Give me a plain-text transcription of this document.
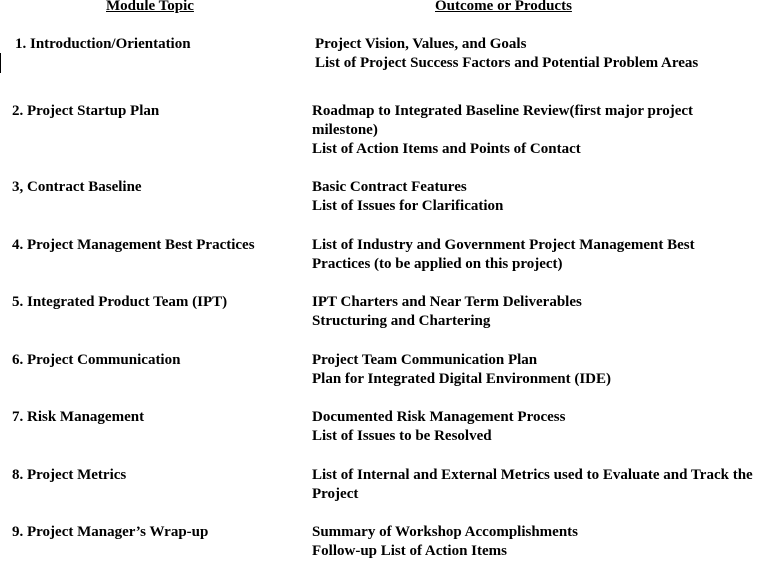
Module Topic	Outcome or Products
1. Introduction/Orientation	Project Vision, Values, and Goals
List of Project Success Factors and Potential Problem Areas
2. Project Startup Plan	Roadmap to Integrated Baseline Review(first major project milestone)
List of Action Items and Points of Contact
3, Contract Baseline	Basic Contract Features
List of Issues for Clarification
4. Project Management Best Practices	List of Industry and Government Project Management Best Practices (to be applied on this project)
5. Integrated Product Team (IPT)	IPT Charters and Near Term Deliverables
Structuring and Chartering
6. Project Communication	Project Team Communication Plan
Plan for Integrated Digital Environment (IDE)
7. Risk Management	Documented Risk Management Process
List of Issues to be Resolved
8. Project Metrics	List of Internal and External Metrics used to Evaluate and Track the Project
9. Project Manager’s Wrap-up	Summary of Workshop Accomplishments
Follow-up List of Action Items
